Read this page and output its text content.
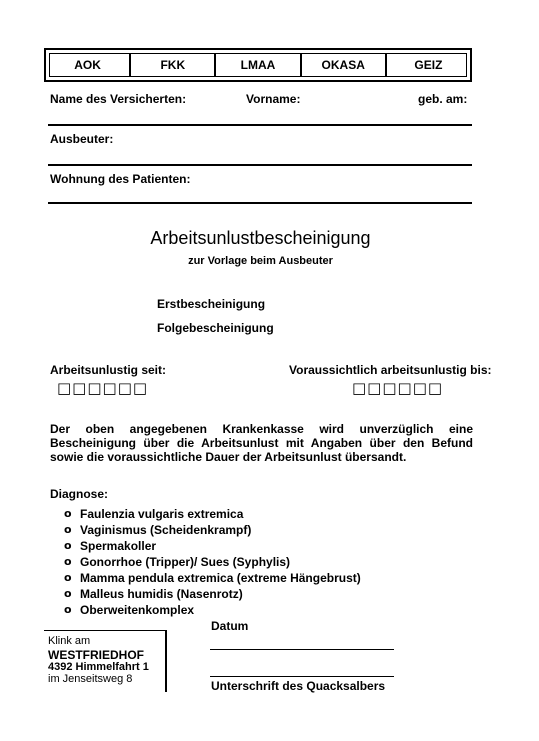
AOK	FKK	LMAA	OKASA	GEIZ
Name des Versicherten:	Vorname:	geb. am:
Ausbeuter:
Wohnung des Patienten:
Arbeitsunlustbescheinigung
zur Vorlage beim Ausbeuter
Erstbescheinigung
Folgebescheinigung
Arbeitsunlustig seit:
□□□□□□
Voraussichtlich arbeitsunlustig bis:
□□□□□□
Der oben angegebenen Krankenkasse wird unverzüglich eine Bescheinigung über die Arbeitsunlust mit Angaben über den Befund sowie die voraussichtliche Dauer der Arbeitsunlust übersandt.
Diagnose:
o Faulenzia vulgaris extremica
o Vaginismus (Scheidenkrampf)
o Spermakoller
o Gonorrhoe (Tripper)/ Sues (Syphylis)
o Mamma pendula extremica (extreme Hängebrust)
o Malleus humidis (Nasenrotz)
o Oberweitenkomplex
Klink am
WESTFRIEDHOF
4392 Himmelfahrt 1
im Jenseitsweg 8
Datum
Unterschrift des Quacksalbers
